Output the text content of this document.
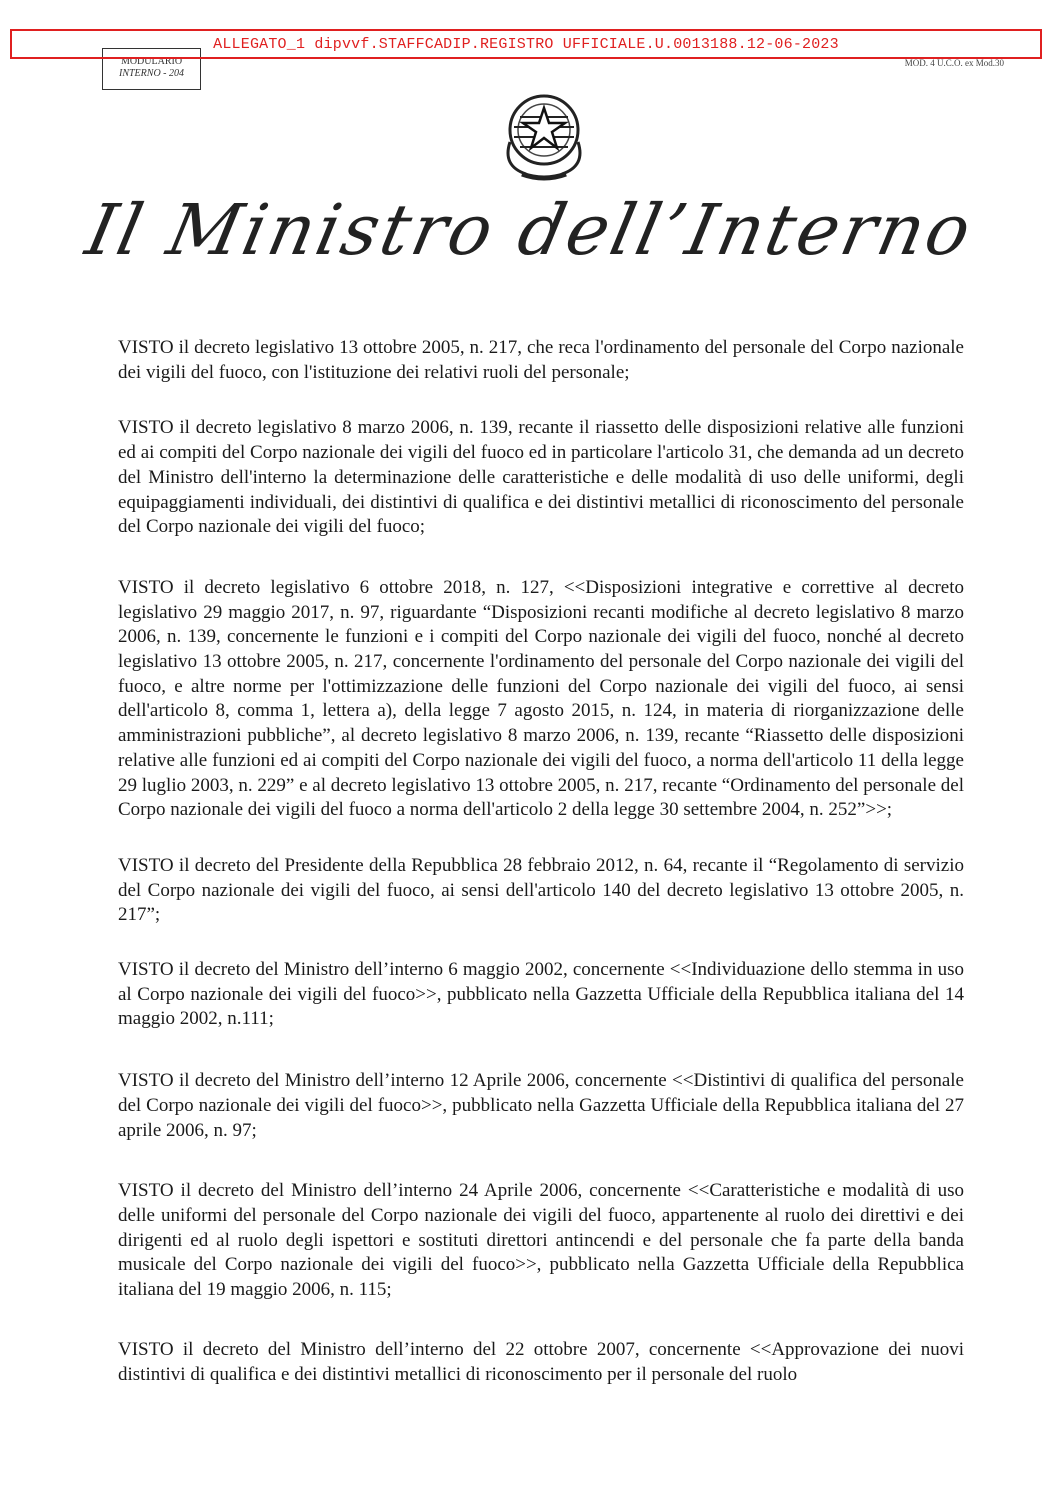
ALLEGATO_1 dipvvf.STAFFCADIP.REGISTRO UFFICIALE.U.0013188.12-06-2023
MODULARIO
INTERNO - 204
MOD. 4 U.C.O. ex Mod.30
Il Ministro dell’Interno

VISTO il decreto legislativo 13 ottobre 2005, n. 217, che reca l'ordinamento del personale del Corpo nazionale dei vigili del fuoco, con l'istituzione dei relativi ruoli del personale;

VISTO il decreto legislativo 8 marzo 2006, n. 139, recante il riassetto delle disposizioni relative alle funzioni ed ai compiti del Corpo nazionale dei vigili del fuoco ed in particolare l'articolo 31, che demanda ad un decreto del Ministro dell'interno la determinazione delle caratteristiche e delle modalità di uso delle uniformi, degli equipaggiamenti individuali, dei distintivi di qualifica e dei distintivi metallici di riconoscimento del personale del Corpo nazionale dei vigili del fuoco;

VISTO il decreto legislativo 6 ottobre 2018, n. 127, <<Disposizioni integrative e correttive al decreto legislativo 29 maggio 2017, n. 97, riguardante “Disposizioni recanti modifiche al decreto legislativo 8 marzo 2006, n. 139, concernente le funzioni e i compiti del Corpo nazionale dei vigili del fuoco, nonché al decreto legislativo 13 ottobre 2005, n. 217, concernente l'ordinamento del personale del Corpo nazionale dei vigili del fuoco, e altre norme per l'ottimizzazione delle funzioni del Corpo nazionale dei vigili del fuoco, ai sensi dell'articolo 8, comma 1, lettera a), della legge 7 agosto 2015, n. 124, in materia di riorganizzazione delle amministrazioni pubbliche”, al decreto legislativo 8 marzo 2006, n. 139, recante “Riassetto delle disposizioni relative alle funzioni ed ai compiti del Corpo nazionale dei vigili del fuoco, a norma dell'articolo 11 della legge 29 luglio 2003, n. 229” e al decreto legislativo 13 ottobre 2005, n. 217, recante “Ordinamento del personale del Corpo nazionale dei vigili del fuoco a norma dell'articolo 2 della legge 30 settembre 2004, n. 252”>>;

VISTO il decreto del Presidente della Repubblica 28 febbraio 2012, n. 64, recante il “Regolamento di servizio del Corpo nazionale dei vigili del fuoco, ai sensi dell'articolo 140 del decreto legislativo 13 ottobre 2005, n. 217”;

VISTO il decreto del Ministro dell’interno 6 maggio 2002, concernente <<Individuazione dello stemma in uso al Corpo nazionale dei vigili del fuoco>>, pubblicato nella Gazzetta Ufficiale della Repubblica italiana del 14 maggio 2002, n.111;

VISTO il decreto del Ministro dell’interno 12 Aprile 2006, concernente <<Distintivi di qualifica del personale del Corpo nazionale dei vigili del fuoco>>, pubblicato nella Gazzetta Ufficiale della Repubblica italiana del 27 aprile 2006, n. 97;

VISTO il decreto del Ministro dell’interno 24 Aprile 2006, concernente <<Caratteristiche e modalità di uso delle uniformi del personale del Corpo nazionale dei vigili del fuoco, appartenente al ruolo dei direttivi e dei dirigenti ed al ruolo degli ispettori e sostituti direttori antincendi e del personale che fa parte della banda musicale del Corpo nazionale dei vigili del fuoco>>, pubblicato nella Gazzetta Ufficiale della Repubblica italiana del 19 maggio 2006, n. 115;

VISTO il decreto del Ministro dell’interno del 22 ottobre 2007, concernente <<Approvazione dei nuovi distintivi di qualifica e dei distintivi metallici di riconoscimento per il personale del ruolo
